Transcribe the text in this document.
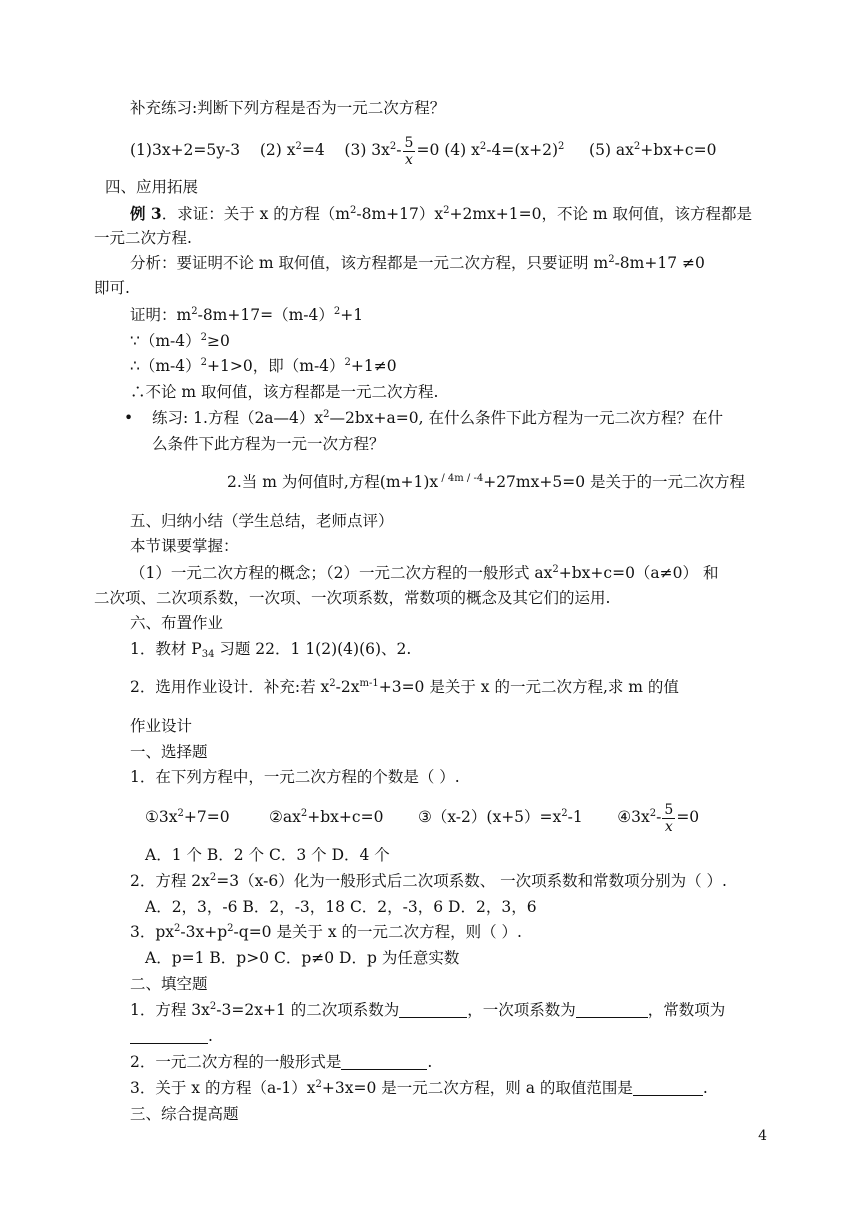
补充练习:判断下列方程是否为一元二次方程？
(1)3x+2=5y-3 (2) $x^2=4$ (3) $3x^2- \frac{5}{x} =0$ (4) $x^2-4=(x+2)^2$ (5) $ax^2+bx+c=0$
四、应用拓展
例 3．求证：关于 x 的方程$(m^2-8m+17)x^2+2mx+1=0$，不论 m 取何值，该方程都是
一元二次方程.
分析：要证明不论 m 取何值，该方程都是一元二次方程，只要证明 $m^2-8m+17 \ne 0$
即可.
证明：$m^2-8m+17=(m-4)^2+1$
$\because(m-4)^2\ge 0$
$\therefore(m-4)^2+1>0$，即$(m-4)^2+1\ne 0$
∴不论 m 取何值，该方程都是一元二次方程.
• 练习: 1.方程$(2a—4)x^2—2bx+a=0$, 在什么条件下此方程为一元二次方程？在什
么条件下此方程为一元一次方程？
2.当 m 为何值时,方程(m+1)x $^{/ 4m / -4}$+27mx+5=0 是关于的一元二次方程
五、归纳小结（学生总结，老师点评）
本节课要掌握：
（1）一元二次方程的概念；（2）一元二次方程的一般形式 $ax^2+bx+c=0(a\ne 0)$ 和
二次项、二次项系数，一次项、一次项系数，常数项的概念及其它们的运用.
六、布置作业
1．教材 $P_{34}$ 习题 22．1 1(2)(4)(6)、2.
2．选用作业设计．补充:若 $x^2-2x^{m-1}+3=0$ 是关于 x 的一元二次方程,求 m 的值
作业设计
一、选择题
1．在下列方程中，一元二次方程的个数是（ ）.
$①3x^2+7=0$	$②ax^2+bx+c=0$ $③(x-2)(x+5)=x^2-1$ $④3x^2- \frac{5}{x} =0$
A．1 个 B．2 个 C．3 个 D．4 个
2．方程 $2x^2=3(x-6)$化为一般形式后二次项系数、 一次项系数和常数项分别为（ ）.
A．2，3，-6 B．2，-3，18 C．2，-3，6 D．2，3，6
3．$px^2-3x+p^2-q=0$ 是关于 x 的一元二次方程，则（ ）.
A．p=1 B．p>0 C．p≠0 D．p 为任意实数
二、填空题
1．方程 $3x^2-3=2x+1$ 的二次项系数为	，一次项系数为	，常数项为
.
2．一元二次方程的一般形式是	.
3．关于 x 的方程$(a-1)x^2+3x=0$ 是一元二次方程，则 a 的取值范围是	.
三、综合提高题
4
